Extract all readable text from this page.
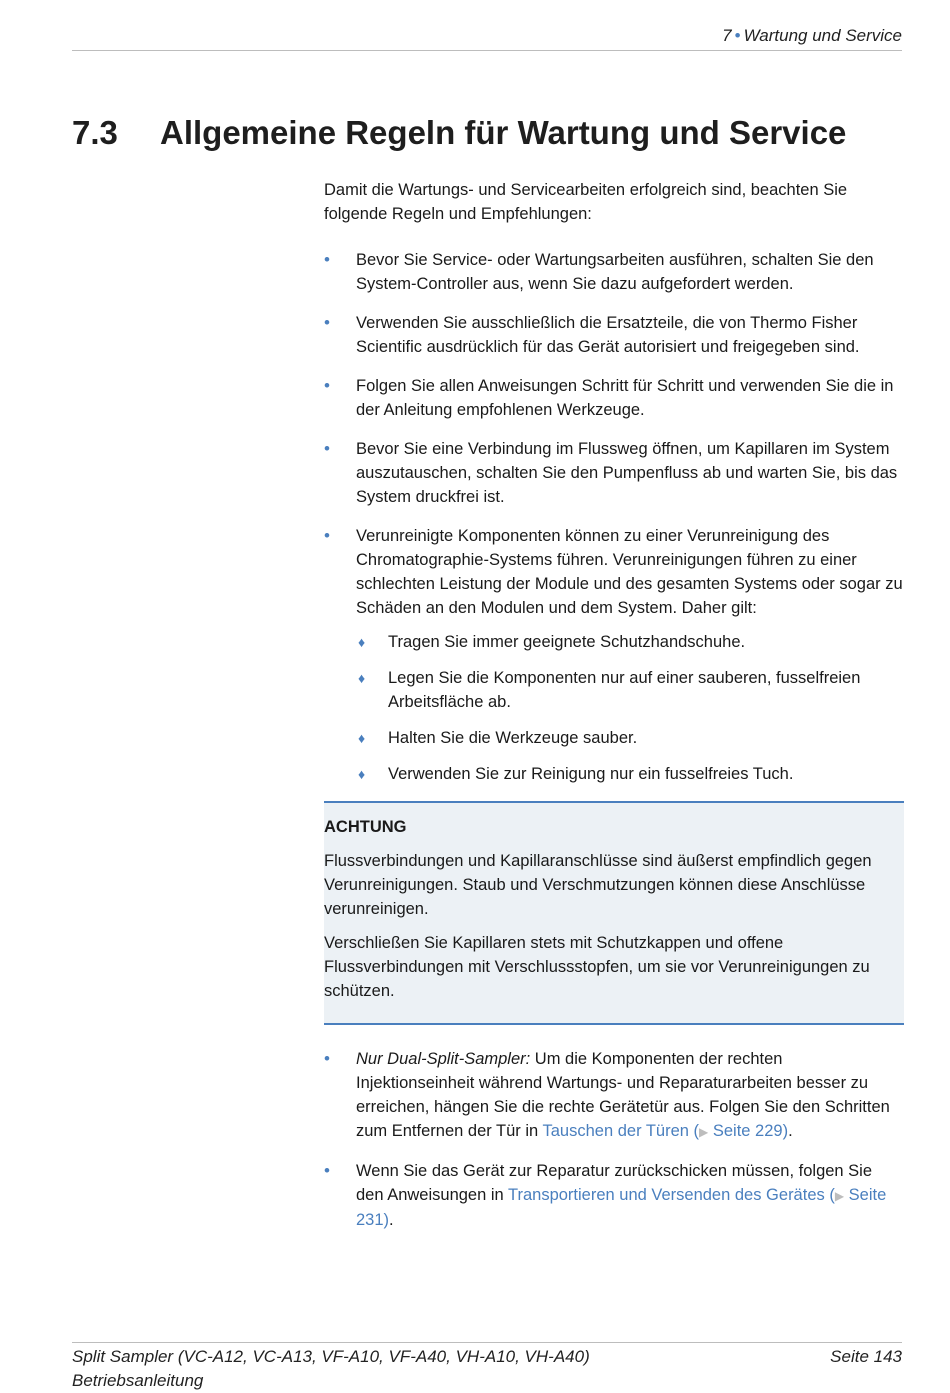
7 • Wartung und Service
7.3 Allgemeine Regeln für Wartung und Service

Damit die Wartungs- und Servicearbeiten erfolgreich sind, beachten Sie folgende Regeln und Empfehlungen:

• Bevor Sie Service- oder Wartungsarbeiten ausführen, schalten Sie den System-Controller aus, wenn Sie dazu aufgefordert werden.
• Verwenden Sie ausschließlich die Ersatzteile, die von Thermo Fisher Scientific ausdrücklich für das Gerät autorisiert und freigegeben sind.
• Folgen Sie allen Anweisungen Schritt für Schritt und verwenden Sie die in der Anleitung empfohlenen Werkzeuge.
• Bevor Sie eine Verbindung im Flussweg öffnen, um Kapillaren im System auszutauschen, schalten Sie den Pumpenfluss ab und warten Sie, bis das System druckfrei ist.
• Verunreinigte Komponenten können zu einer Verunreinigung des Chromatographie-Systems führen. Verunreinigungen führen zu einer schlechten Leistung der Module und des gesamten Systems oder sogar zu Schäden an den Modulen und dem System. Daher gilt:
♦ Tragen Sie immer geeignete Schutzhandschuhe.
♦ Legen Sie die Komponenten nur auf einer sauberen, fusselfreien Arbeitsfläche ab.
♦ Halten Sie die Werkzeuge sauber.
♦ Verwenden Sie zur Reinigung nur ein fusselfreies Tuch.
ACHTUNG

Flussverbindungen und Kapillaranschlüsse sind äußerst empfindlich gegen Verunreinigungen. Staub und Verschmutzungen können diese Anschlüsse verunreinigen.

Verschließen Sie Kapillaren stets mit Schutzkappen und offene Flussverbindungen mit Verschlussstopfen, um sie vor Verunreinigungen zu schützen.

• Nur Dual-Split-Sampler: Um die Komponenten der rechten Injektionseinheit während Wartungs- und Reparaturarbeiten besser zu erreichen, hängen Sie die rechte Gerätetür aus. Folgen Sie den Schritten zum Entfernen der Tür in Tauschen der Türen (▶ Seite 229).
• Wenn Sie das Gerät zur Reparatur zurückschicken müssen, folgen Sie den Anweisungen in Transportieren und Versenden des Gerätes (▶ Seite 231).
Split Sampler (VC-A12, VC-A13, VF-A10, VF-A40, VH-A10, VH-A40)
Betriebsanleitung
Seite 143
